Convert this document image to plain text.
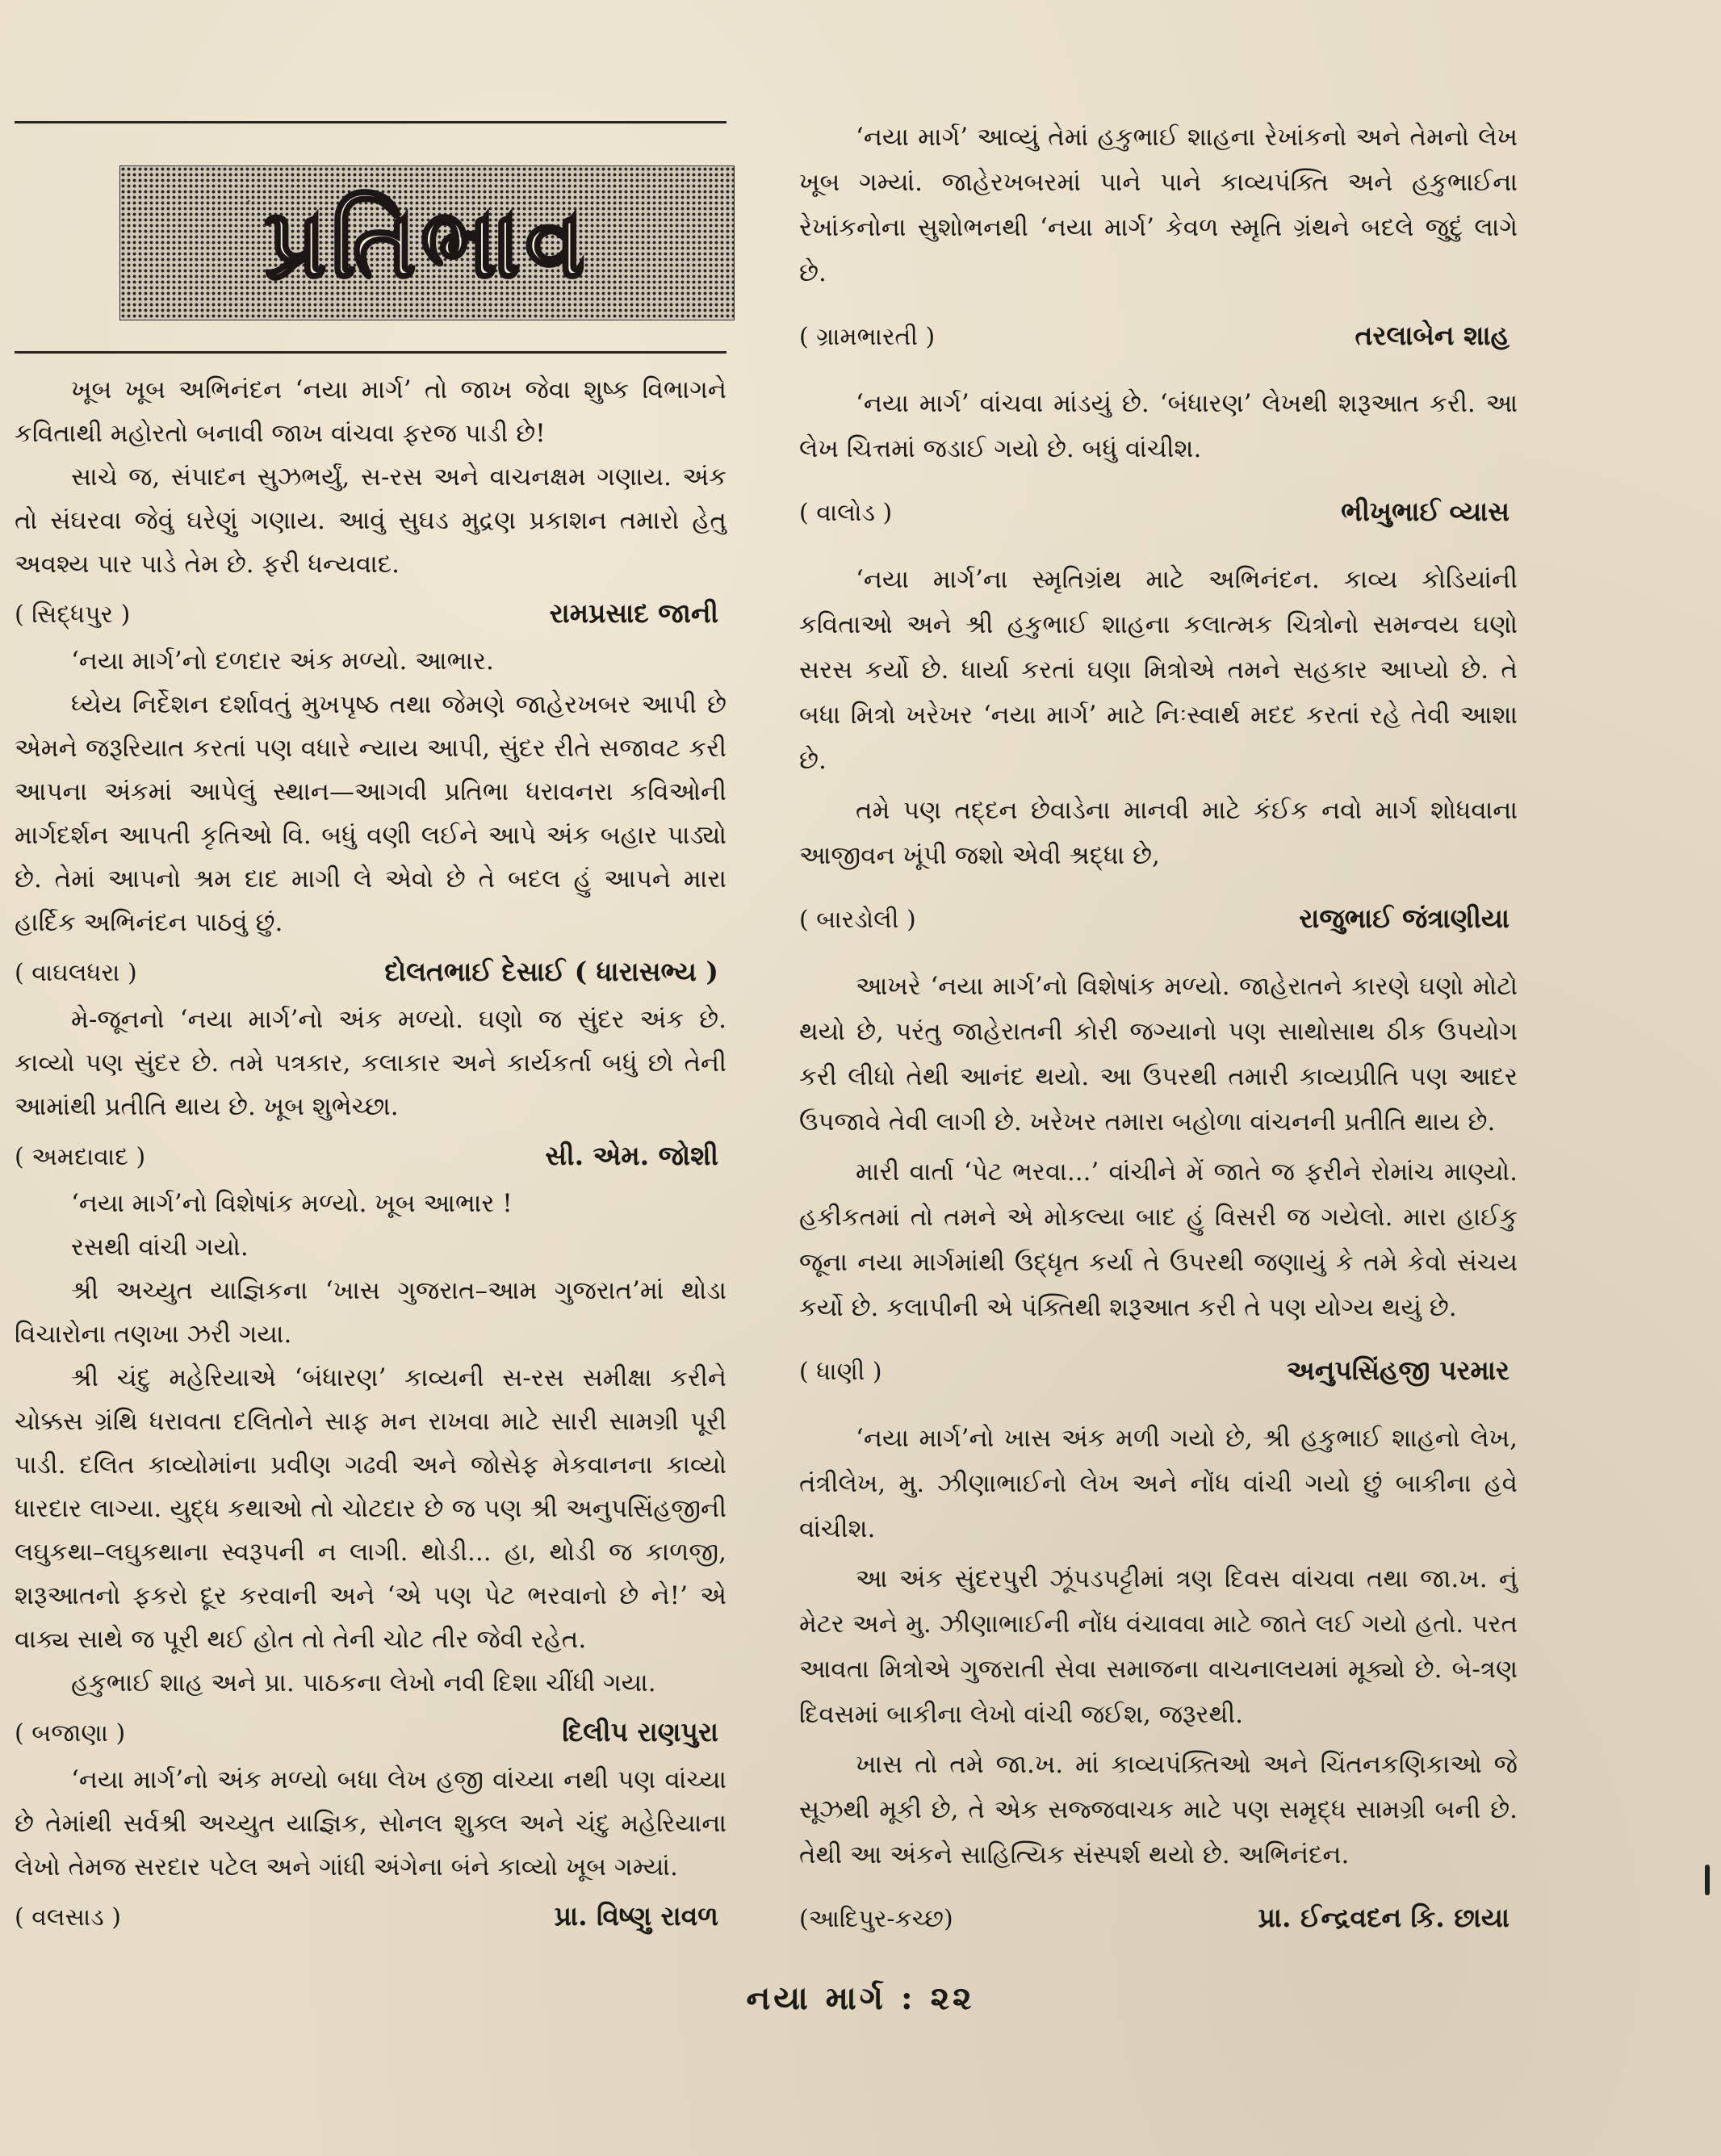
´ પ્રતિભાવ

ખૂબ ખૂબ અભિનંદન ‘નયા માર્ગ’ તો જાખ જેવા શુષ્ક વિભાગને કવિતાથી મહોરતો બનાવી જાખ વાંચવા ફરજ પાડી છે!

સાચે જ, સંપાદન સુઝભર્યું, સ-રસ અને વાચનક્ષમ ગણાય. અંક તો સંઘરવા જેવું ઘરેણું ગણાય. આવું સુઘડ મુદ્રણ પ્રકાશન તમારો હેતુ અવશ્ય પાર પાડે તેમ છે. ફરી ધન્યવાદ.

( સિદ્ધપુર )	રામપ્રસાદ જાની

‘નયા માર્ગ’નો દળદાર અંક મળ્યો. આભાર.

ધ્યેય નિર્દેશન દર્શાવતું મુખપૃષ્ઠ તથા જેમણે જાહેરખબર આપી છે એમને જરૂરિયાત કરતાં પણ વધારે ન્યાય આપી, સુંદર રીતે સજાવટ કરી આપના અંકમાં આપેલું સ્થાન—આગવી પ્રતિભા ધરાવનરા કવિઓની માર્ગદર્શન આપતી કૃતિઓ વિ. બધું વણી લઈને આપે અંક બહાર પાડ્યો છે. તેમાં આપનો શ્રમ દાદ માગી લે એવો છે તે બદલ હું આપને મારા હાર્દિક અભિનંદન પાઠવું છું.

( વાઘલધરા )	દોલતભાઈ દેસાઈ ( ધારાસભ્ય )

મે-જૂનનો ‘નયા માર્ગ’નો અંક મળ્યો. ઘણો જ સુંદર અંક છે. કાવ્યો પણ સુંદર છે. તમે પત્રકાર, કલાકાર અને કાર્યકર્તા બધું છો તેની આમાંથી પ્રતીતિ થાય છે. ખૂબ શુભેચ્છા.

( અમદાવાદ )	સી. એમ. જોશી

‘નયા માર્ગ’નો વિશેષાંક મળ્યો. ખૂબ આભાર !

રસથી વાંચી ગયો.

શ્રી અચ્યુત યાજ્ઞિકના ‘ખાસ ગુજરાત–આમ ગુજરાત’માં થોડા વિચારોના તણખા ઝરી ગયા.

શ્રી ચંદુ મહેરિયાએ ‘બંધારણ’ કાવ્યની સ-રસ સમીક્ષા કરીને ચોક્કસ ગ્રંથિ ધરાવતા દલિતોને સાફ મન રાખવા માટે સારી સામગ્રી પૂરી પાડી. દલિત કાવ્યોમાંના પ્રવીણ ગઢવી અને જોસેફ મેકવાનના કાવ્યો ધારદાર લાગ્યા. યુદ્ધ કથાઓ તો ચોટદાર છે જ પણ શ્રી અનુપસિંહજીની લઘુકથા–લઘુકથાના સ્વરૂપની ન લાગી. થોડી... હા, થોડી જ કાળજી, શરૂઆતનો ફકરો દૂર કરવાની અને ‘એ પણ પેટ ભરવાનો છે ને!’ એ વાક્ય સાથે જ પૂરી થઈ હોત તો તેની ચોટ તીર જેવી રહેત.

હકુભાઈ શાહ અને પ્રા. પાઠકના લેખો નવી દિશા ચીંધી ગયા.

( બજાણા )	દિલીપ રાણપુરા

‘નયા માર્ગ’નો અંક મળ્યો બધા લેખ હજી વાંચ્યા નથી પણ વાંચ્યા છે તેમાંથી સર્વશ્રી અચ્યુત યાજ્ઞિક, સોનલ શુક્લ અને ચંદુ મહેરિયાના લેખો તેમજ સરદાર પટેલ અને ગાંધી અંગેના બંને કાવ્યો ખૂબ ગમ્યાં.

( વલસાડ )	પ્રા. વિષ્ણુ રાવળ

‘નયા માર્ગ’ આવ્યું તેમાં હકુભાઈ શાહના રેખાંકનો અને તેમનો લેખ ખૂબ ગમ્યાં. જાહેરખબરમાં પાને પાને કાવ્યપંક્તિ અને હકુભાઈના રેખાંકનોના સુશોભનથી ‘નયા માર્ગ’ કેવળ સ્મૃતિ ગ્રંથને બદલે જુદું લાગે છે.

( ગ્રામભારતી )	તરલાબેન શાહ

‘નયા માર્ગ’ વાંચવા માંડયું છે. ‘બંધારણ’ લેખથી શરૂઆત કરી. આ લેખ ચિત્તમાં જડાઈ ગયો છે. બધું વાંચીશ.

( વાલોડ )	ભીખુભાઈ વ્યાસ

‘નયા માર્ગ’ના સ્મૃતિગ્રંથ માટે અભિનંદન. કાવ્ય કોડિયાંની કવિતાઓ અને શ્રી હકુભાઈ શાહના કલાત્મક ચિત્રોનો સમન્વય ઘણો સરસ કર્યો છે. ધાર્યા કરતાં ઘણા મિત્રોએ તમને સહકાર આપ્યો છે. તે બધા મિત્રો ખરેખર ‘નયા માર્ગ’ માટે નિઃસ્વાર્થ મદદ કરતાં રહે તેવી આશા છે.

તમે પણ તદ્દન છેવાડેના માનવી માટે કંઈક નવો માર્ગ શોધવાના આજીવન ખૂંપી જશો એવી શ્રદ્ધા છે,

( બારડોલી )	રાજુભાઈ જંત્રાણીયા

આખરે ‘નયા માર્ગ’નો વિશેષાંક મળ્યો. જાહેરાતને કારણે ઘણો મોટો થયો છે, પરંતુ જાહેરાતની કોરી જગ્યાનો પણ સાથોસાથ ઠીક ઉપયોગ કરી લીધો તેથી આનંદ થયો. આ ઉપરથી તમારી કાવ્યપ્રીતિ પણ આદર ઉપજાવે તેવી લાગી છે. ખરેખર તમારા બહોળા વાંચનની પ્રતીતિ થાય છે.

મારી વાર્તા ‘પેટ ભરવા...’ વાંચીને મેં જાતે જ ફરીને રોમાંચ માણ્યો. હકીકતમાં તો તમને એ મોકલ્યા બાદ હું વિસરી જ ગયેલો. મારા હાઈકુ જૂના નયા માર્ગમાંથી ઉદ્ધૃત કર્યા તે ઉપરથી જણાયું કે તમે કેવો સંચય કર્યો છે. કલાપીની એ પંક્તિથી શરૂઆત કરી તે પણ યોગ્ય થયું છે.

( ધાણી )	અનુપસિંહજી પરમાર

‘નયા માર્ગ’નો ખાસ અંક મળી ગયો છે, શ્રી હકુભાઈ શાહનો લેખ, તંત્રીલેખ, મુ. ઝીણાભાઈનો લેખ અને નોંધ વાંચી ગયો છું બાકીના હવે વાંચીશ.

આ અંક સુંદરપુરી ઝૂંપડપટ્ટીમાં ત્રણ દિવસ વાંચવા તથા જા.ખ. નું મેટર અને મુ. ઝીણાભાઈની નોંધ વંચાવવા માટે જાતે લઈ ગયો હતો. પરત આવતા મિત્રોએ ગુજરાતી સેવા સમાજના વાચનાલયમાં મૂક્યો છે. બે-ત્રણ દિવસમાં બાકીના લેખો વાંચી જઈશ, જરૂરથી.

ખાસ તો તમે જા.ખ. માં કાવ્યપંક્તિઓ અને ચિંતનકણિકાઓ જે સૂઝથી મૂકી છે, તે એક સજ્જવાચક માટે પણ સમૃદ્ધ સામગ્રી બની છે. તેથી આ અંકને સાહિત્યિક સંસ્પર્શ થયો છે. અભિનંદન.

(આદિપુર-કચ્છ)	પ્રા. ઈન્દ્રવદન કિ. છાયા
નયા માર્ગ : ૨૨
